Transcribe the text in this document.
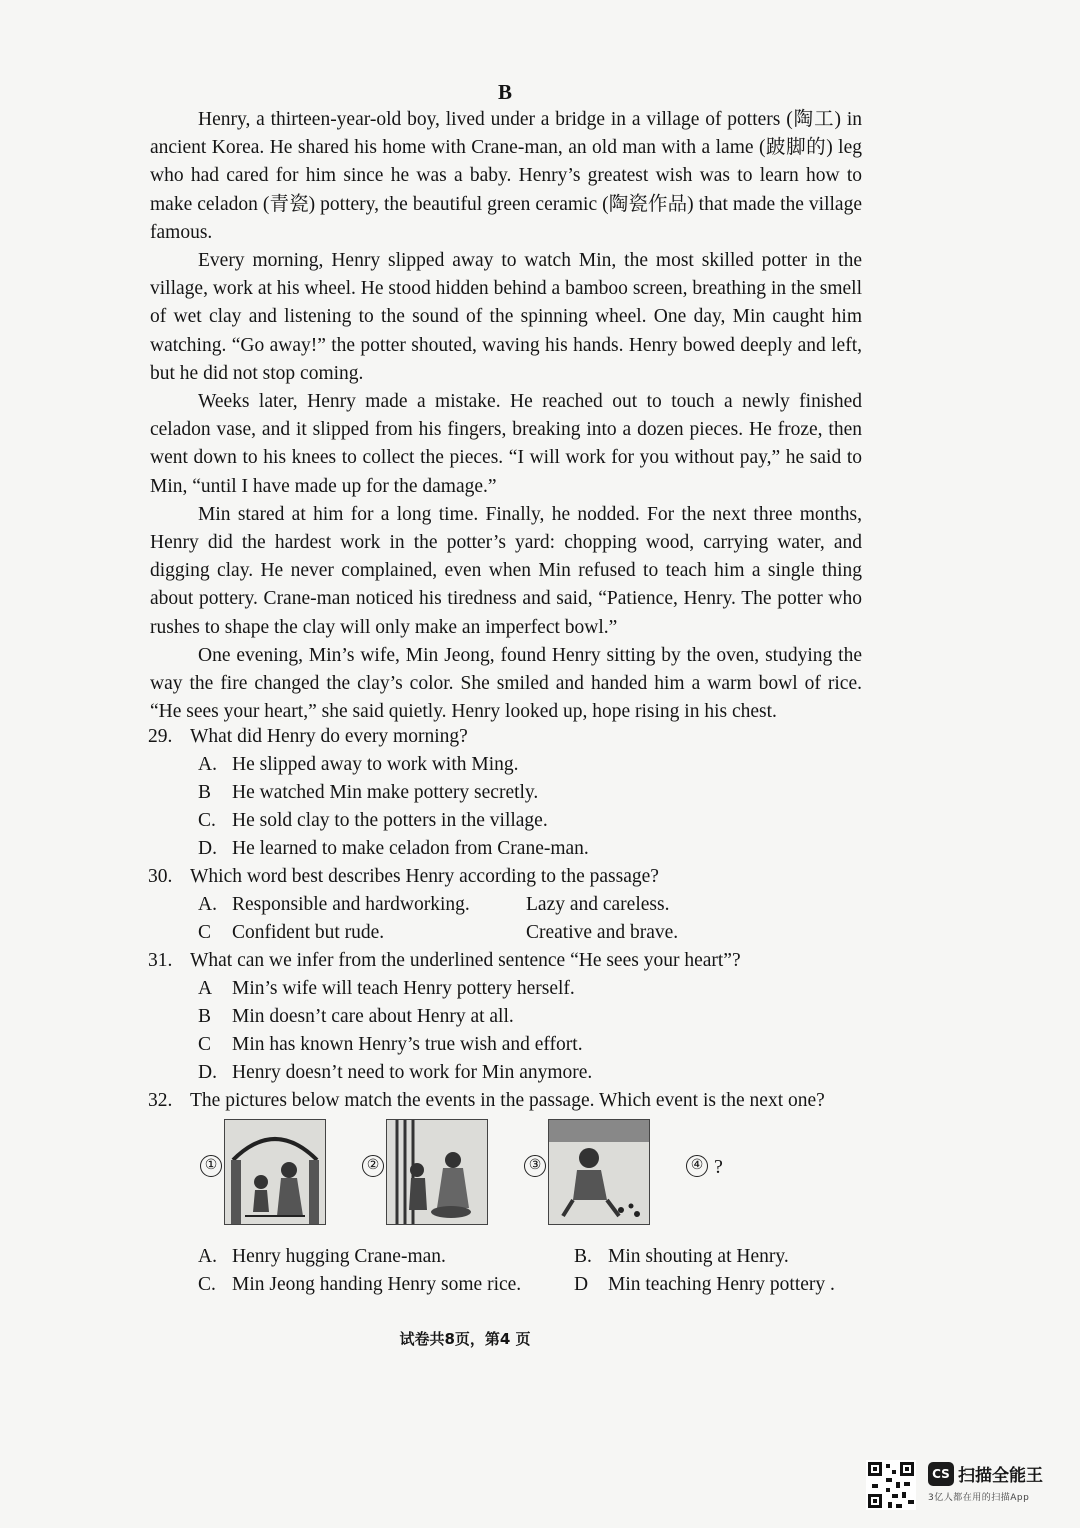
B

Henry, a thirteen-year-old boy, lived under a bridge in a village of potters (陶工) in ancient Korea. He shared his home with Crane-man, an old man with a lame (跛脚的) leg who had cared for him since he was a baby. Henry’s greatest wish was to learn how to make celadon (青瓷) pottery, the beautiful green ceramic (陶瓷作品) that made the village famous.

Every morning, Henry slipped away to watch Min, the most skilled potter in the village, work at his wheel. He stood hidden behind a bamboo screen, breathing in the smell of wet clay and listening to the sound of the spinning wheel. One day, Min caught him watching. “Go away!” the potter shouted, waving his hands. Henry bowed deeply and left, but he did not stop coming.

Weeks later, Henry made a mistake. He reached out to touch a newly finished celadon vase, and it slipped from his fingers, breaking into a dozen pieces. He froze, then went down to his knees to collect the pieces. “I will work for you without pay,” he said to Min, “until I have made up for the damage.”

Min stared at him for a long time. Finally, he nodded. For the next three months, Henry did the hardest work in the potter’s yard: chopping wood, carrying water, and digging clay. He never complained, even when Min refused to teach him a single thing about pottery. Crane-man noticed his tiredness and said, “Patience, Henry. The potter who rushes to shape the clay will only make an imperfect bowl.”

One evening, Min’s wife, Min Jeong, found Henry sitting by the oven, studying the way the fire changed the clay’s color. She smiled and handed him a warm bowl of rice. “He sees your heart,” she said quietly. Henry looked up, hope rising in his chest.

29. What did Henry do every morning?
A. He slipped away to work with Ming.
B He watched Min make pottery secretly.
C. He sold clay to the potters in the village.
D. He learned to make celadon from Crane-man.
30. Which word best describes Henry according to the passage?
A. Responsible and hardworking.	Lazy and careless.
C Confident but rude.	Creative and brave.
31. What can we infer from the underlined sentence “He sees your heart”?
A Min’s wife will teach Henry pottery herself.
B Min doesn’t care about Henry at all.
C Min has known Henry’s true wish and effort.
D. Henry doesn’t need to work for Min anymore.
32. The pictures below match the events in the passage. Which event is the next one?
①	②	③	④ ?
A. Henry hugging Crane-man.	B. Min shouting at Henry.
C. Min Jeong handing Henry some rice.	D Min teaching Henry pottery .
试卷共8页，第4 页
CS 扫描全能王
3亿人都在用的扫描App
